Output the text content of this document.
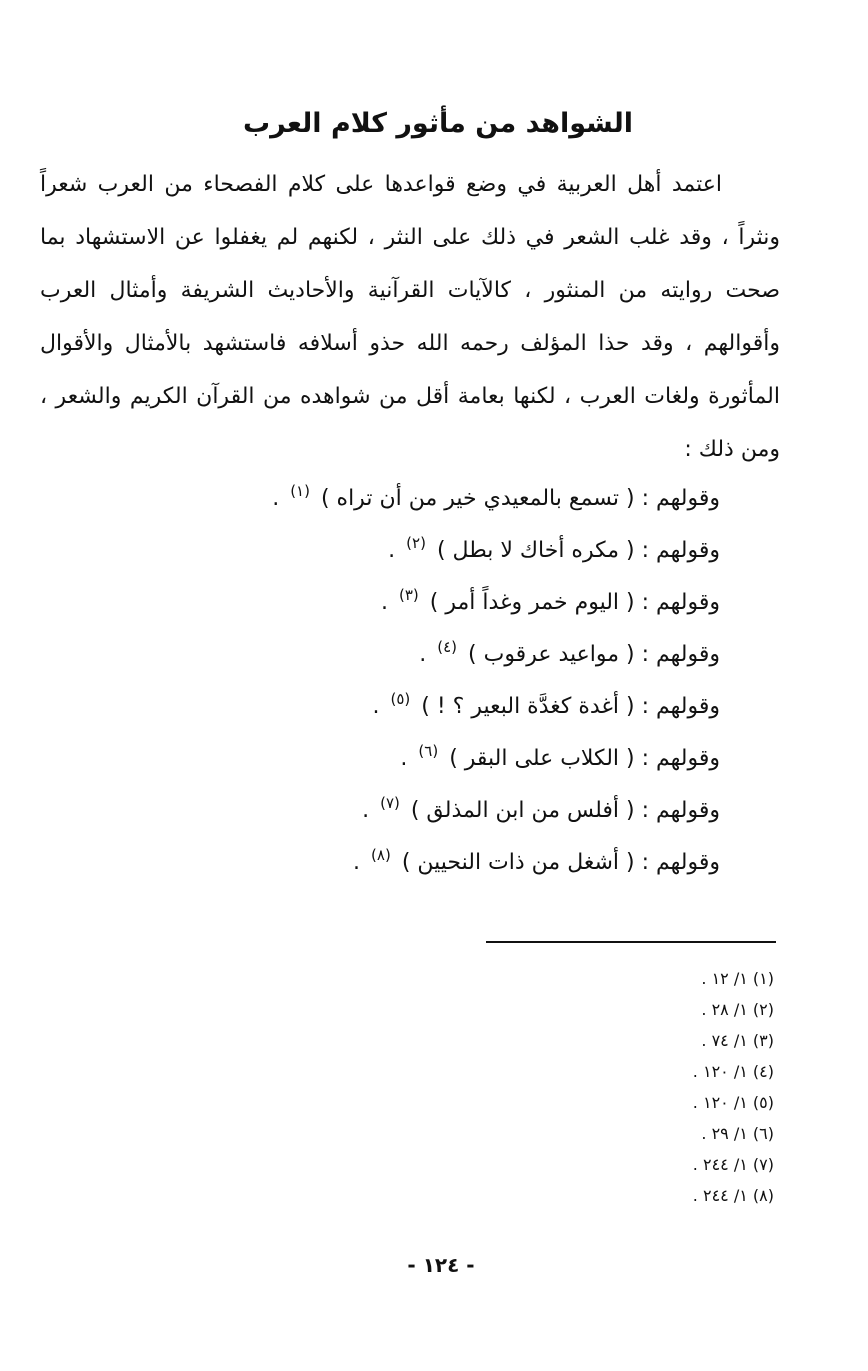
الشواهد من مأثور كلام العرب

اعتمد أهل العربية في وضع قواعدها على كلام الفصحاء من العرب شعراً ونثراً ، وقد غلب الشعر في ذلك على النثر ، لكنهم لم يغفلوا عن الاستشهاد بما صحت روايته من المنثور ، كالآيات القرآنية والأحاديث الشريفة وأمثال العرب وأقوالهم ، وقد حذا المؤلف رحمه الله حذو أسلافه فاستشهد بالأمثال والأقوال المأثورة ولغات العرب ، لكنها بعامة أقل من شواهده من القرآن الكريم والشعر ، ومن ذلك :

وقولهم : ( تسمع بالمعيدي خير من أن تراه ) $^{(١)}$ .
وقولهم : ( مكره أخاك لا بطل ) $^{(٢)}$ .
وقولهم : ( اليوم خمر وغداً أمر ) $^{(٣)}$ .
وقولهم : ( مواعيد عرقوب ) $^{(٤)}$ .
وقولهم : ( أغدة كغدَّة البعير ؟ ! ) $^{(٥)}$ .
وقولهم : ( الكلاب على البقر ) $^{(٦)}$ .
وقولهم : ( أفلس من ابن المذلق ) $^{(٧)}$ .
وقولهم : ( أشغل من ذات النحيين ) $^{(٨)}$ .
(١) ١/ ١٢ .
(٢) ١/ ٢٨ .
(٣) ١/ ٧٤ .
(٤) ١/ ١٢٠ .
(٥) ١/ ١٢٠ .
(٦) ١/ ٢٩ .
(٧) ١/ ٢٤٤ .
(٨) ١/ ٢٤٤ .
- ١٢٤ -
